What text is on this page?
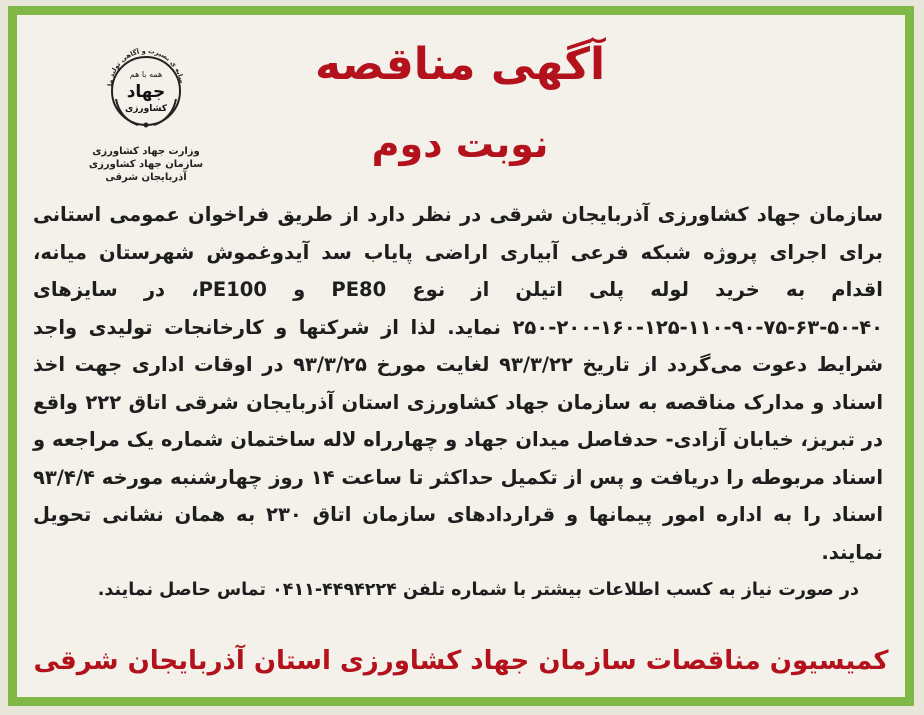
سایه ی بصیرت و آگاهی تولید مل
همه با هم
جهاد
کشاورزی
وزارت جهاد کشاورزی
سازمان جهاد کشاورزی آذربایجان شرقی
آگهی مناقصه
نوبت دوم
سازمان جهاد کشاورزی آذربایجان شرقی در نظر دارد از طریق فراخوان عمومی استانی برای اجرای پروژه شبکه فرعی آبیاری اراضی پایاب سد آیدوغموش شهرستان میانه، اقدام به خرید لوله پلی اتیلن از نوع PE80 و PE100، در سایزهای ۴۰-۵۰-۶۳-۷۵-۹۰-۱۱۰-۱۲۵-۱۶۰-۲۰۰-۲۵۰ نماید. لذا از شرکتها و کارخانجات تولیدی واجد شرایط دعوت می‌گردد از تاریخ ۹۳/۳/۲۲ لغایت مورخ ۹۳/۳/۲۵ در اوقات اداری جهت اخذ اسناد و مدارک مناقصه به سازمان جهاد کشاورزی استان آذربایجان شرقی اتاق ۲۲۲ واقع در تبریز، خیابان آزادی- حدفاصل میدان جهاد و چهارراه لاله ساختمان شماره یک مراجعه و اسناد مربوطه را دریافت و پس از تکمیل حداکثر تا ساعت ۱۴ روز چهارشنبه مورخه ۹۳/۴/۴ اسناد را به اداره امور پیمانها و قراردادهای سازمان اتاق ۲۳۰ به همان نشانی تحویل نمایند.
در صورت نیاز به کسب اطلاعات بیشتر با شماره تلفن ۴۴۹۴۲۲۴-۰۴۱۱ تماس حاصل نمایند.
کمیسیون مناقصات سازمان جهاد کشاورزی استان آذربایجان شرقی
